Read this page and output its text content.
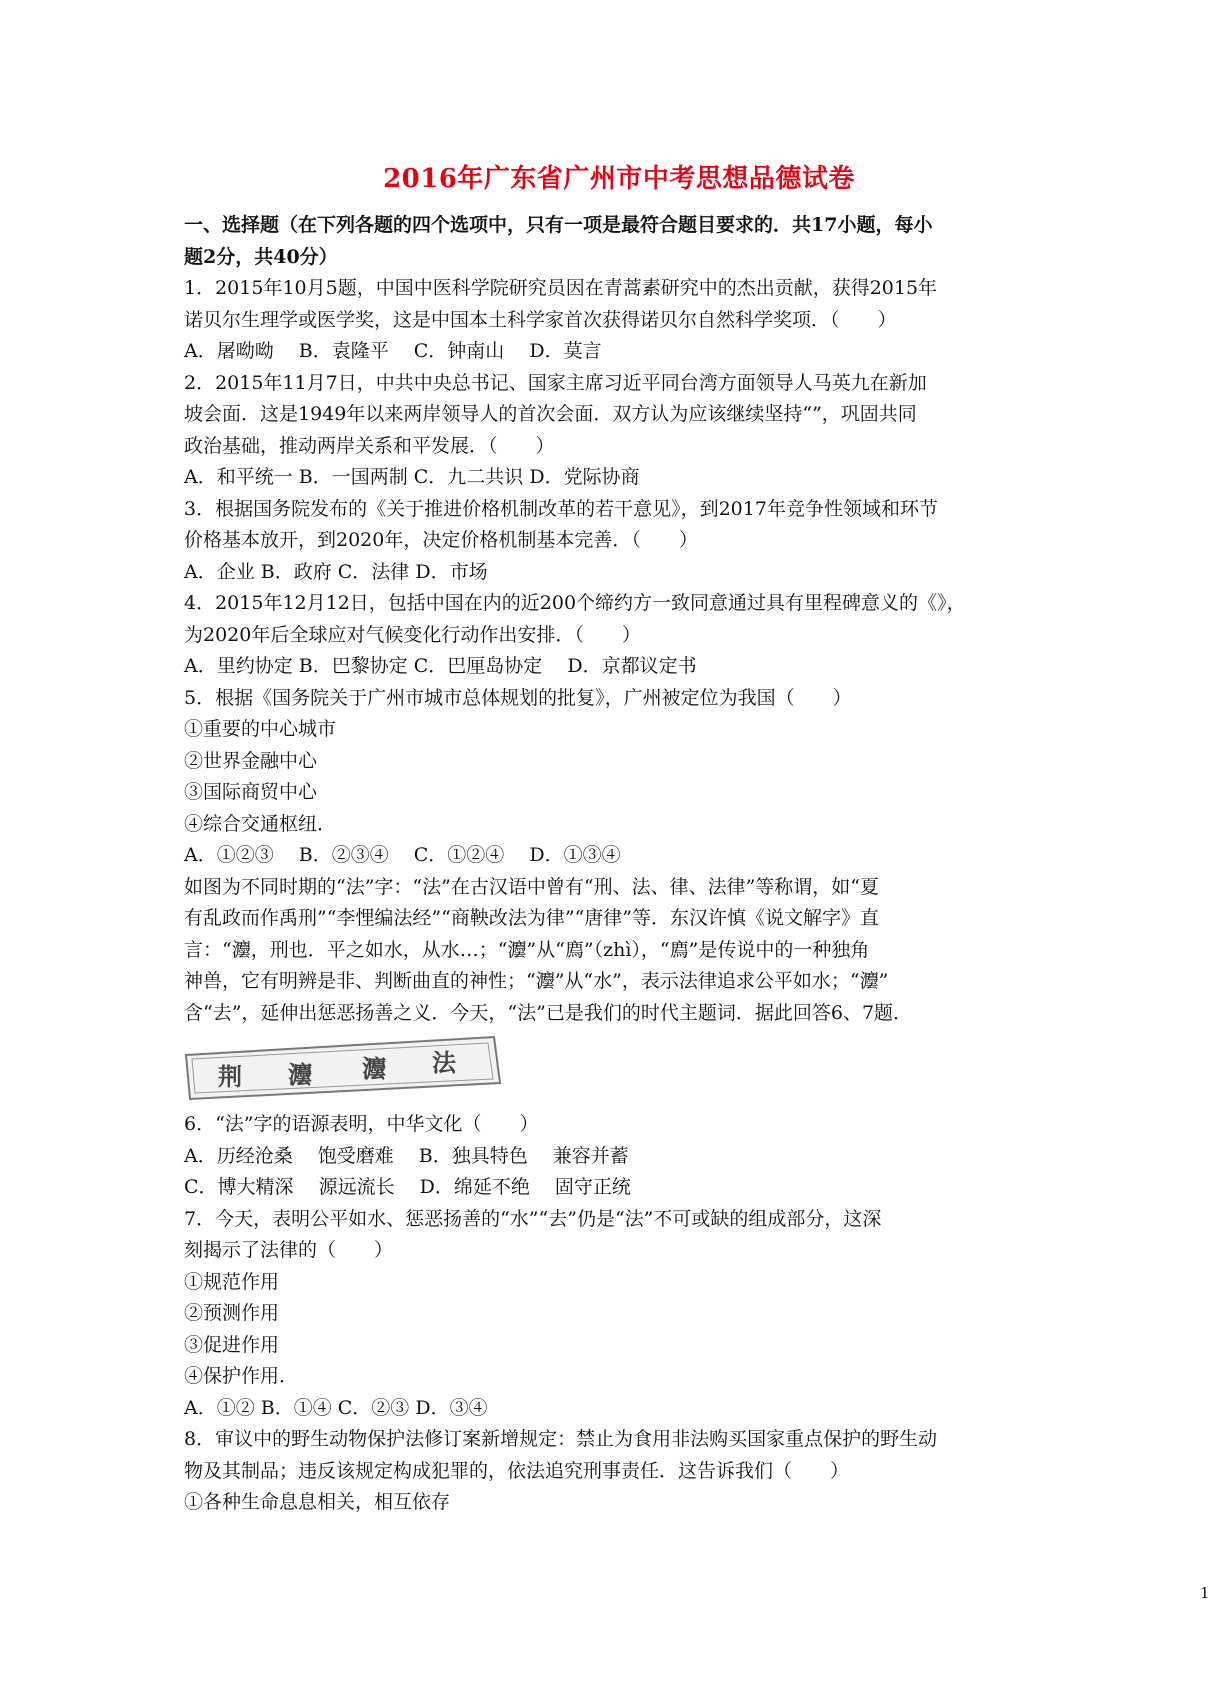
2016年广东省广州市中考思想品德试卷
一、选择题（在下列各题的四个选项中，只有一项是最符合题目要求的．共17小题，每小
题2分，共40分）
1．2015年10月5题，中国中医科学院研究员因在青蒿素研究中的杰出贡献，获得2015年
诺贝尔生理学或医学奖，这是中国本土科学家首次获得诺贝尔自然科学奖项．（　　）
A．屠呦呦　 B．袁隆平　 C．钟南山　 D．莫言
2．2015年11月7日，中共中央总书记、国家主席习近平同台湾方面领导人马英九在新加
坡会面．这是1949年以来两岸领导人的首次会面．双方认为应该继续坚持“”，巩固共同
政治基础，推动两岸关系和平发展．（　　）
A．和平统一 B．一国两制 C．九二共识 D．党际协商
3．根据国务院发布的《关于推进价格机制改革的若干意见》，到2017年竞争性领域和环节
价格基本放开，到2020年，决定价格机制基本完善．（　　）
A．企业 B．政府 C．法律 D．市场
4．2015年12月12日，包括中国在内的近200个缔约方一致同意通过具有里程碑意义的《》，
为2020年后全球应对气候变化行动作出安排．（　　）
A．里约协定 B．巴黎协定 C．巴厘岛协定　 D．京都议定书
5．根据《国务院关于广州市城市总体规划的批复》，广州被定位为我国（　　）
①重要的中心城市
②世界金融中心
③国际商贸中心
④综合交通枢纽．
A．①②③　 B．②③④　 C．①②④　 D．①③④
如图为不同时期的“法”字：“法”在古汉语中曾有“刑、法、律、法律”等称谓，如“夏
有乱政而作禹刑”“李悝编法经”“商鞅改法为律”“唐律”等．东汉许慎《说文解字》直
言：“灋，刑也．平之如水，从水…；“灋”从“廌”（zhì），“廌”是传说中的一种独角
神兽，它有明辨是非、判断曲直的神性；“灋”从“水”，表示法律追求公平如水；“灋”
含“去”，延伸出惩恶扬善之义．今天，“法”已是我们的时代主题词．据此回答6、7题．
荆 灋 灋 法
6．“法”字的语源表明，中华文化（　　）
A．历经沧桑　 饱受磨难　 B．独具特色　 兼容并蓄
C．博大精深　 源远流长　 D．绵延不绝　 固守正统
7．今天，表明公平如水、惩恶扬善的“水”“去”仍是“法”不可或缺的组成部分，这深
刻揭示了法律的（　　）
①规范作用
②预测作用
③促进作用
④保护作用．
A．①② B．①④ C．②③ D．③④
8．审议中的野生动物保护法修订案新增规定：禁止为食用非法购买国家重点保护的野生动
物及其制品；违反该规定构成犯罪的，依法追究刑事责任．这告诉我们（　　）
①各种生命息息相关，相互依存
1
